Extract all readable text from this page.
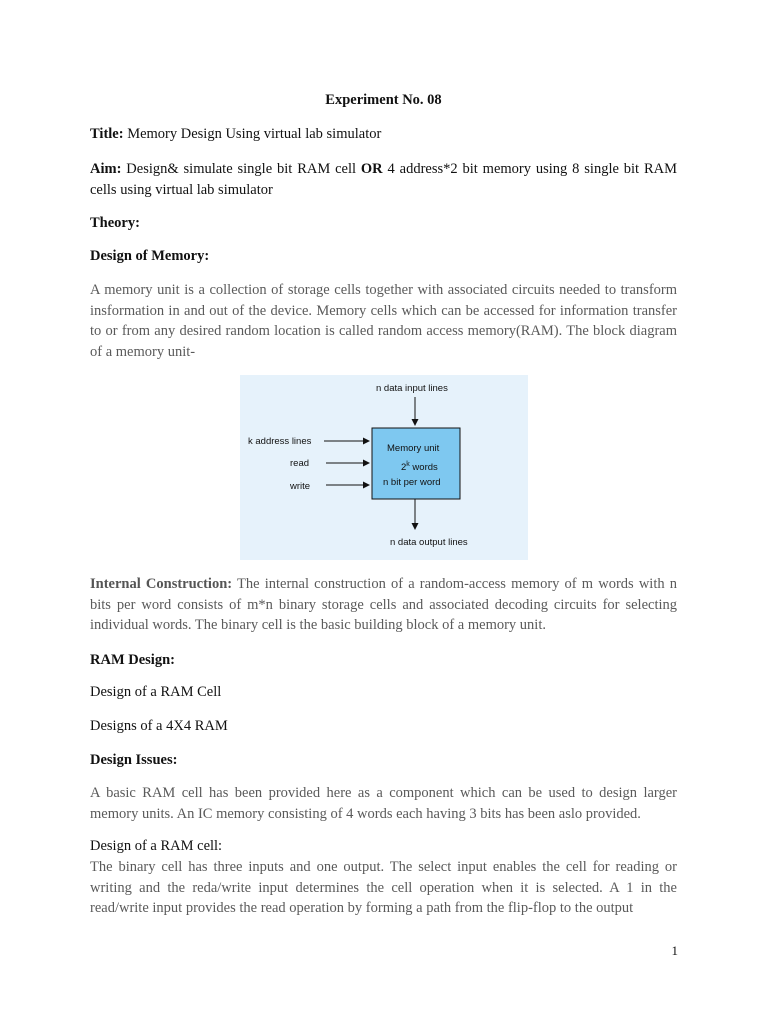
Experiment No. 08
Title: Memory Design Using virtual lab simulator
Aim: Design& simulate single bit RAM cell OR 4 address*2 bit memory using 8 single bit RAM cells using virtual lab simulator
Theory:
Design of Memory:
A memory unit is a collection of storage cells together with associated circuits needed to transform insformation in and out of the device. Memory cells which can be accessed for information transfer to or from any desired random location is called random access memory(RAM). The block diagram of a memory unit-
Internal Construction: The internal construction of a random-access memory of m words with n bits per word consists of m*n binary storage cells and associated decoding circuits for selecting individual words. The binary cell is the basic building block of a memory unit.
RAM Design:
Design of a RAM Cell
Designs of a 4X4 RAM
Design Issues:
A basic RAM cell has been provided here as a component which can be used to design larger memory units. An IC memory consisting of 4 words each having 3 bits has been aslo provided.
Design of a RAM cell:
The binary cell has three inputs and one output. The select input enables the cell for reading or writing and the reda/write input determines the cell operation when it is selected. A 1 in the read/write input provides the read operation by forming a path from the flip-flop to the output
n data input lines
Memory unit
2$^k$ words
n bit per word
k address lines
read
write
n data output lines
1
